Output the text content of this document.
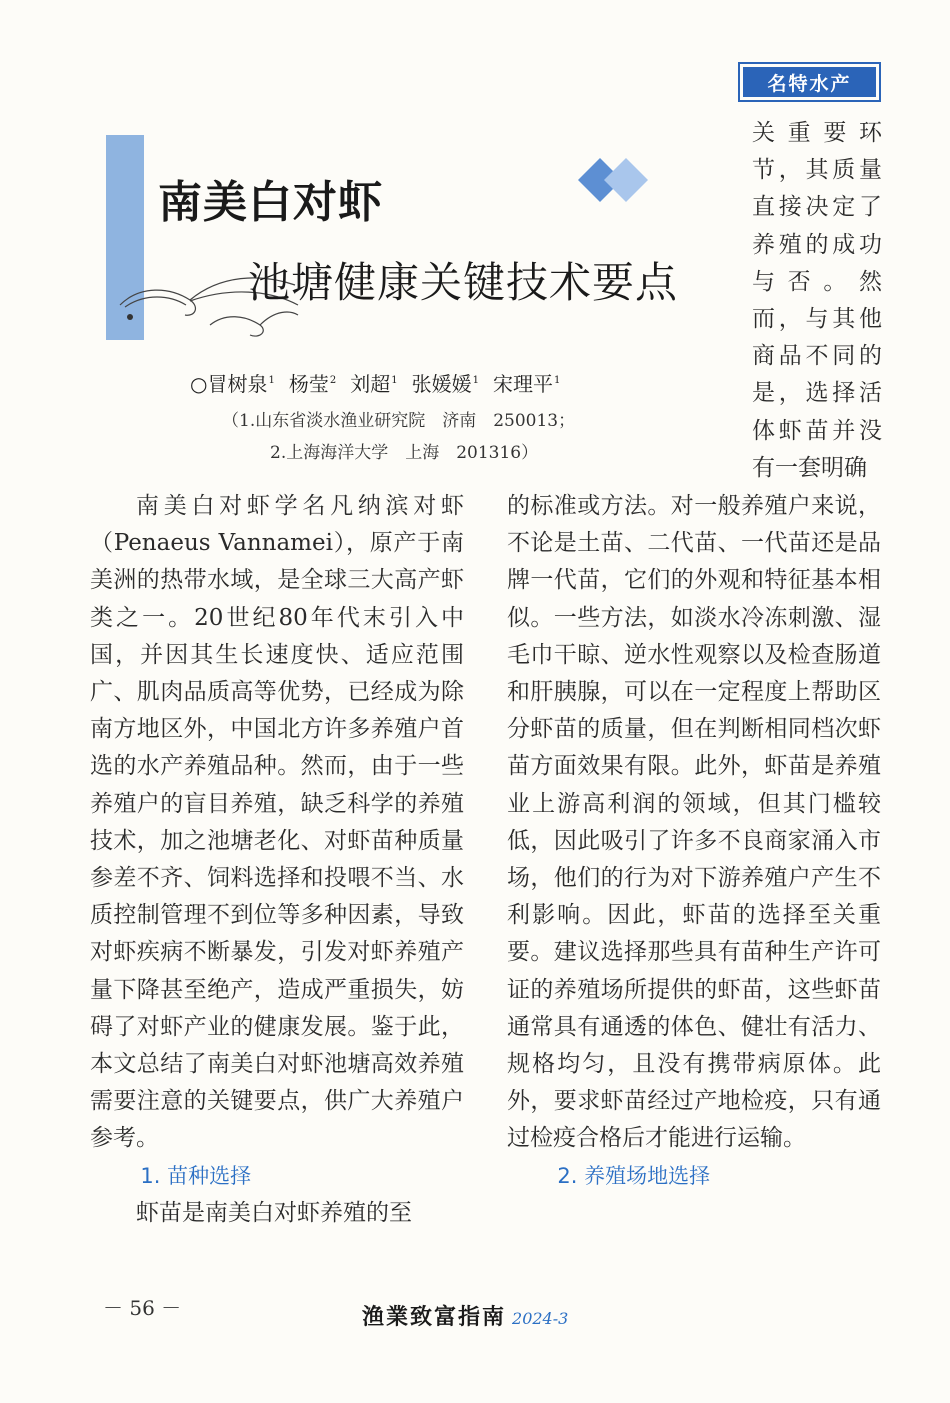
名特水产
南美白对虾
池塘健康关键技术要点
○冒树泉$^1$ 杨莹$^2$ 刘超$^1$ 张媛媛$^1$ 宋理平$^1$
（1.山东省淡水渔业研究院　济南　250013；
2.上海海洋大学　上海　201316）
关重要环节，其质量直接决定了养殖的成功与否。然而，与其他商品不同的是，选择活体虾苗并没有一套明确

南美白对虾学名凡纳滨对虾（Penaeus Vannamei），原产于南美洲的热带水域，是全球三大高产虾类之一。20世纪80年代末引入中国，并因其生长速度快、适应范围广、肌肉品质高等优势，已经成为除南方地区外，中国北方许多养殖户首选的水产养殖品种。然而，由于一些养殖户的盲目养殖，缺乏科学的养殖技术，加之池塘老化、对虾苗种质量参差不齐、饲料选择和投喂不当、水质控制管理不到位等多种因素，导致对虾疾病不断暴发，引发对虾养殖产量下降甚至绝产，造成严重损失，妨碍了对虾产业的健康发展。鉴于此，本文总结了南美白对虾池塘高效养殖需要注意的关键要点，供广大养殖户参考。

1. 苗种选择

虾苗是南美白对虾养殖的至

的标准或方法。对一般养殖户来说，不论是土苗、二代苗、一代苗还是品牌一代苗，它们的外观和特征基本相似。一些方法，如淡水冷冻刺激、湿毛巾干晾、逆水性观察以及检查肠道和肝胰腺，可以在一定程度上帮助区分虾苗的质量，但在判断相同档次虾苗方面效果有限。此外，虾苗是养殖业上游高利润的领域，但其门槛较低，因此吸引了许多不良商家涌入市场，他们的行为对下游养殖户产生不利影响。因此，虾苗的选择至关重要。建议选择那些具有苗种生产许可证的养殖场所提供的虾苗，这些虾苗通常具有通透的体色、健壮有活力、规格均匀，且没有携带病原体。此外，要求虾苗经过产地检疫，只有通过检疫合格后才能进行运输。

2. 养殖场地选择

－ 56 －	渔業致富指南 2024-3
